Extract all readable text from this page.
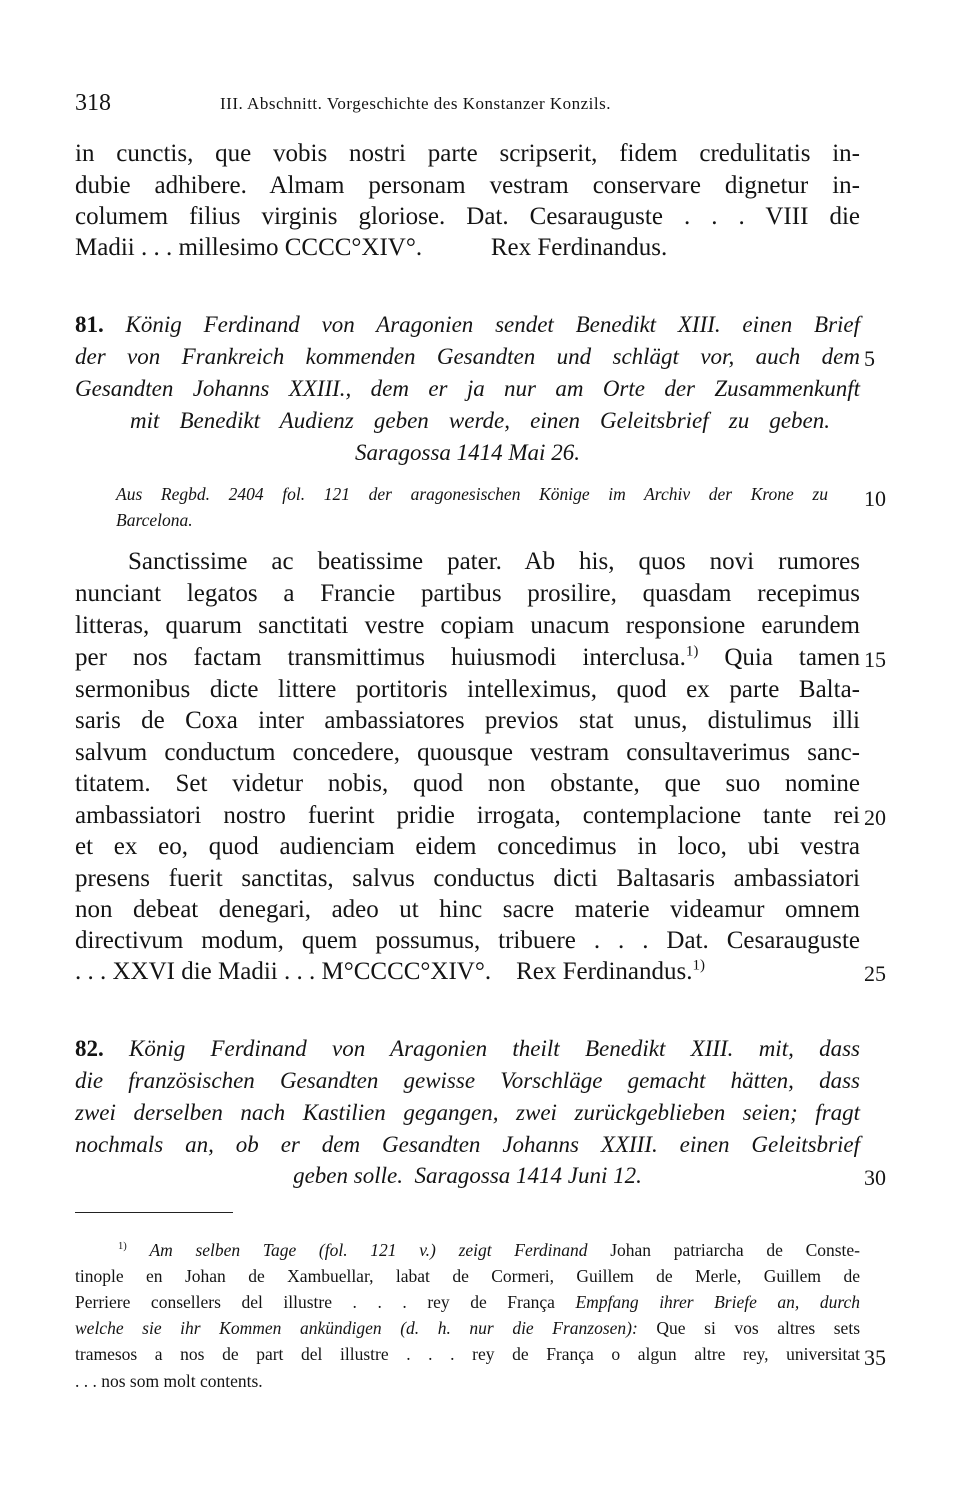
318	III. Abschnitt. Vorgeschichte des Konstanzer Konzils.
in cunctis, que vobis nostri parte scripserit, fidem credulitatis in-
dubie adhibere. Almam personam vestram conservare dignetur in-
columem filius virginis gloriose. Dat. Cesarauguste . . . VIII die
Madii . . . millesimo CCCC°XIV°.           Rex Ferdinandus.
81. König Ferdinand von Aragonien sendet Benedikt XIII. einen Brief
der von Frankreich kommenden Gesandten und schlägt vor, auch dem
Gesandten Johanns XXIII., dem er ja nur am Orte der Zusammenkunft
mit Benedikt Audienz geben werde, einen Geleitsbrief zu geben.
Saragossa 1414 Mai 26.
Aus Regbd. 2404 fol. 121 der aragonesischen Könige im Archiv der Krone zu
Barcelona.
Sanctissime ac beatissime pater. Ab his, quos novi rumores
nunciant legatos a Francie partibus prosilire, quasdam recepimus
litteras, quarum sanctitati vestre copiam unacum responsione earundem
per nos factam transmittimus huiusmodi interclusa.$^{1)}$ Quia tamen
sermonibus dicte littere portitoris intelleximus, quod ex parte Balta-
saris de Coxa inter ambassiatores previos stat unus, distulimus illi
salvum conductum concedere, quousque vestram consultaverimus sanc-
titatem. Set videtur nobis, quod non obstante, que suo nomine
ambassiatori nostro fuerint pridie irrogata, contemplacione tante rei
et ex eo, quod audienciam eidem concedimus in loco, ubi vestra
presens fuerit sanctitas, salvus conductus dicti Baltasaris ambassiatori
non debeat denegari, adeo ut hinc sacre materie videamur omnem
directivum modum, quem possumus, tribuere . . . Dat. Cesarauguste
. . . XXVI die Madii . . . M°CCCC°XIV°.    Rex Ferdinandus.$^{1)}$
82. König Ferdinand von Aragonien theilt Benedikt XIII. mit, dass
die französischen Gesandten gewisse Vorschläge gemacht hätten, dass
zwei derselben nach Kastilien gegangen, zwei zurückgeblieben seien; fragt
nochmals an, ob er dem Gesandten Johanns XXIII. einen Geleitsbrief
geben solle.  Saragossa 1414 Juni 12.
$^{1)}$ Am selben Tage (fol. 121 v.) zeigt Ferdinand Johan patriarcha de Conste-
tinople en Johan de Xambuellar, labat de Cormeri, Guillem de Merle, Guillem de
Perriere consellers del illustre . . . rey de Françа Empfang ihrer Briefe an, durch
welche sie ihr Kommen ankündigen (d. h. nur die Franzosen): Que si vos altres sets
tramesos a nos de part del illustre . . . rey de França o algun altre rey, universitat
. . . nos som molt contents.
5
10
15
20
25
30
35
